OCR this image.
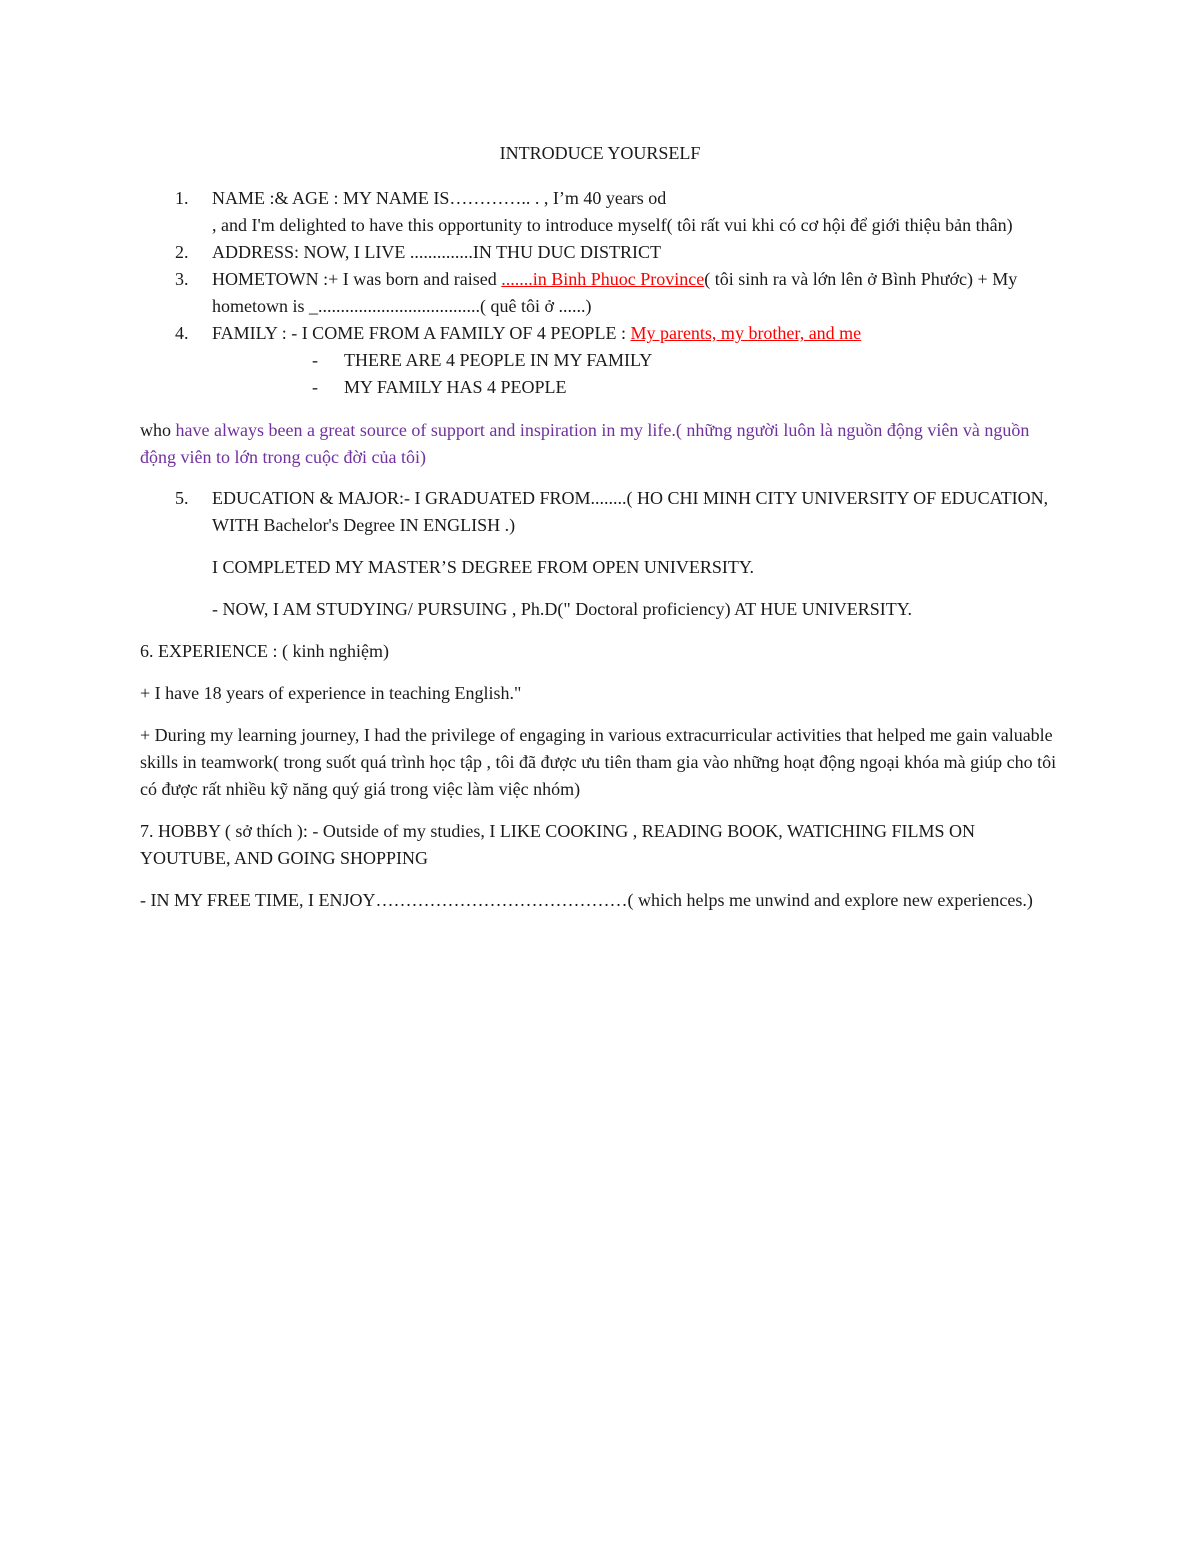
INTRODUCE YOURSELF
1. NAME :& AGE : MY NAME IS………….. . , I’m 40 years od
, and I'm delighted to have this opportunity to introduce myself( tôi rất vui khi có cơ hội để giới thiệu bản thân)
2. ADDRESS: NOW, I LIVE ..............IN THU DUC DISTRICT
3. HOMETOWN :+ I was born and raised .......in Binh Phuoc Province( tôi sinh ra và lớn lên ở Bình Phước) + My hometown is _....................................( quê tôi ở ......)
4. FAMILY : - I COME FROM A FAMILY OF 4 PEOPLE : My parents, my brother, and me
- THERE ARE 4 PEOPLE IN MY FAMILY
- MY FAMILY HAS 4 PEOPLE

who have always been a great source of support and inspiration in my life.( những người luôn là nguồn động viên và nguồn động viên to lớn trong cuộc đời của tôi)

5. EDUCATION & MAJOR:- I GRADUATED FROM........( HO CHI MINH CITY UNIVERSITY OF EDUCATION, WITH Bachelor's Degree IN ENGLISH .)

I COMPLETED MY MASTER’S DEGREE FROM OPEN UNIVERSITY.

- NOW, I AM STUDYING/ PURSUING , Ph.D(" Doctoral proficiency) AT HUE UNIVERSITY.

6. EXPERIENCE : ( kinh nghiệm)

+ I have 18 years of experience in teaching English."

+ During my learning journey, I had the privilege of engaging in various extracurricular activities that helped me gain valuable skills in teamwork( trong suốt quá trình học tập , tôi đã được ưu tiên tham gia vào những hoạt động ngoại khóa mà giúp cho tôi có được rất nhiều kỹ năng quý giá trong việc làm việc nhóm)

7. HOBBY ( sở thích ): - Outside of my studies, I LIKE COOKING , READING BOOK, WATICHING FILMS ON YOUTUBE, AND GOING SHOPPING

- IN MY FREE TIME, I ENJOY……………………………………( which helps me unwind and explore new experiences.)
